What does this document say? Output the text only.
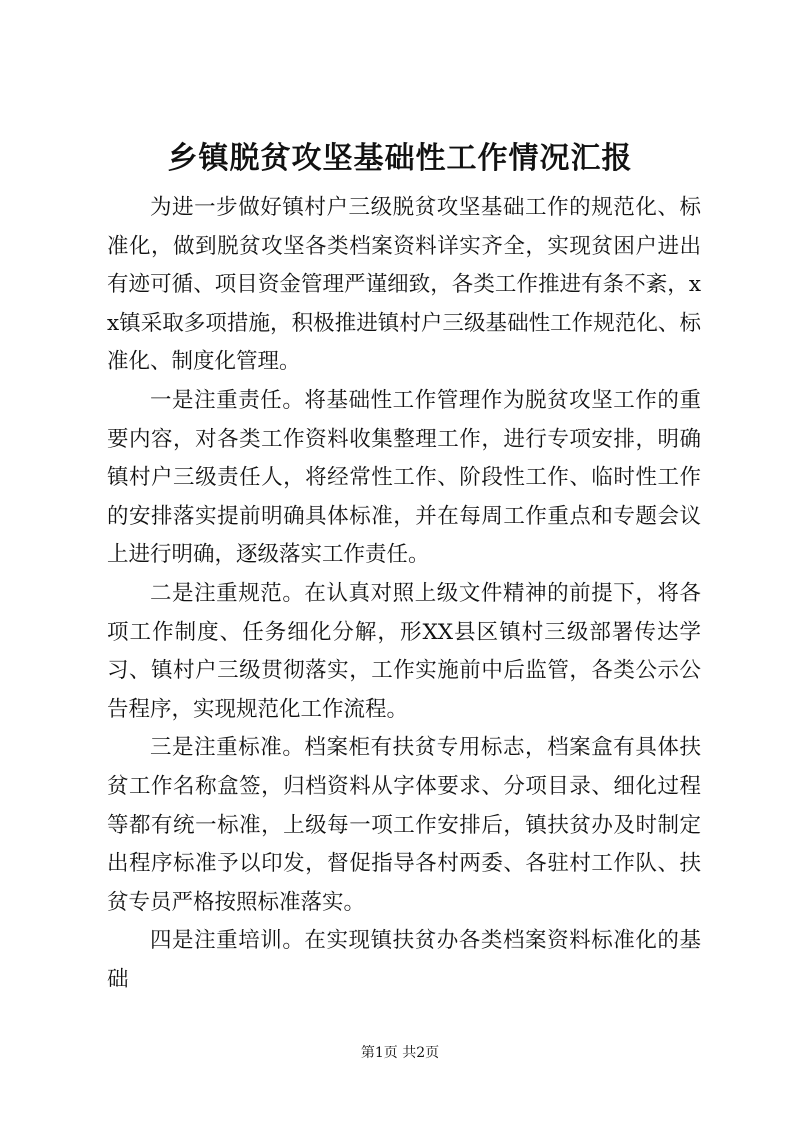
乡镇脱贫攻坚基础性工作情况汇报

为进一步做好镇村户三级脱贫攻坚基础工作的规范化、标准化，做到脱贫攻坚各类档案资料详实齐全，实现贫困户进出有迹可循、项目资金管理严谨细致，各类工作推进有条不紊，xx镇采取多项措施，积极推进镇村户三级基础性工作规范化、标准化、制度化管理。

一是注重责任。将基础性工作管理作为脱贫攻坚工作的重要内容，对各类工作资料收集整理工作，进行专项安排，明确镇村户三级责任人，将经常性工作、阶段性工作、临时性工作的安排落实提前明确具体标准，并在每周工作重点和专题会议上进行明确，逐级落实工作责任。

二是注重规范。在认真对照上级文件精神的前提下，将各项工作制度、任务细化分解，形XX县区镇村三级部署传达学习、镇村户三级贯彻落实，工作实施前中后监管，各类公示公告程序，实现规范化工作流程。

三是注重标准。档案柜有扶贫专用标志，档案盒有具体扶贫工作名称盒签，归档资料从字体要求、分项目录、细化过程等都有统一标准，上级每一项工作安排后，镇扶贫办及时制定出程序标准予以印发，督促指导各村两委、各驻村工作队、扶贫专员严格按照标准落实。

四是注重培训。在实现镇扶贫办各类档案资料标准化的基础

第1页 共2页
